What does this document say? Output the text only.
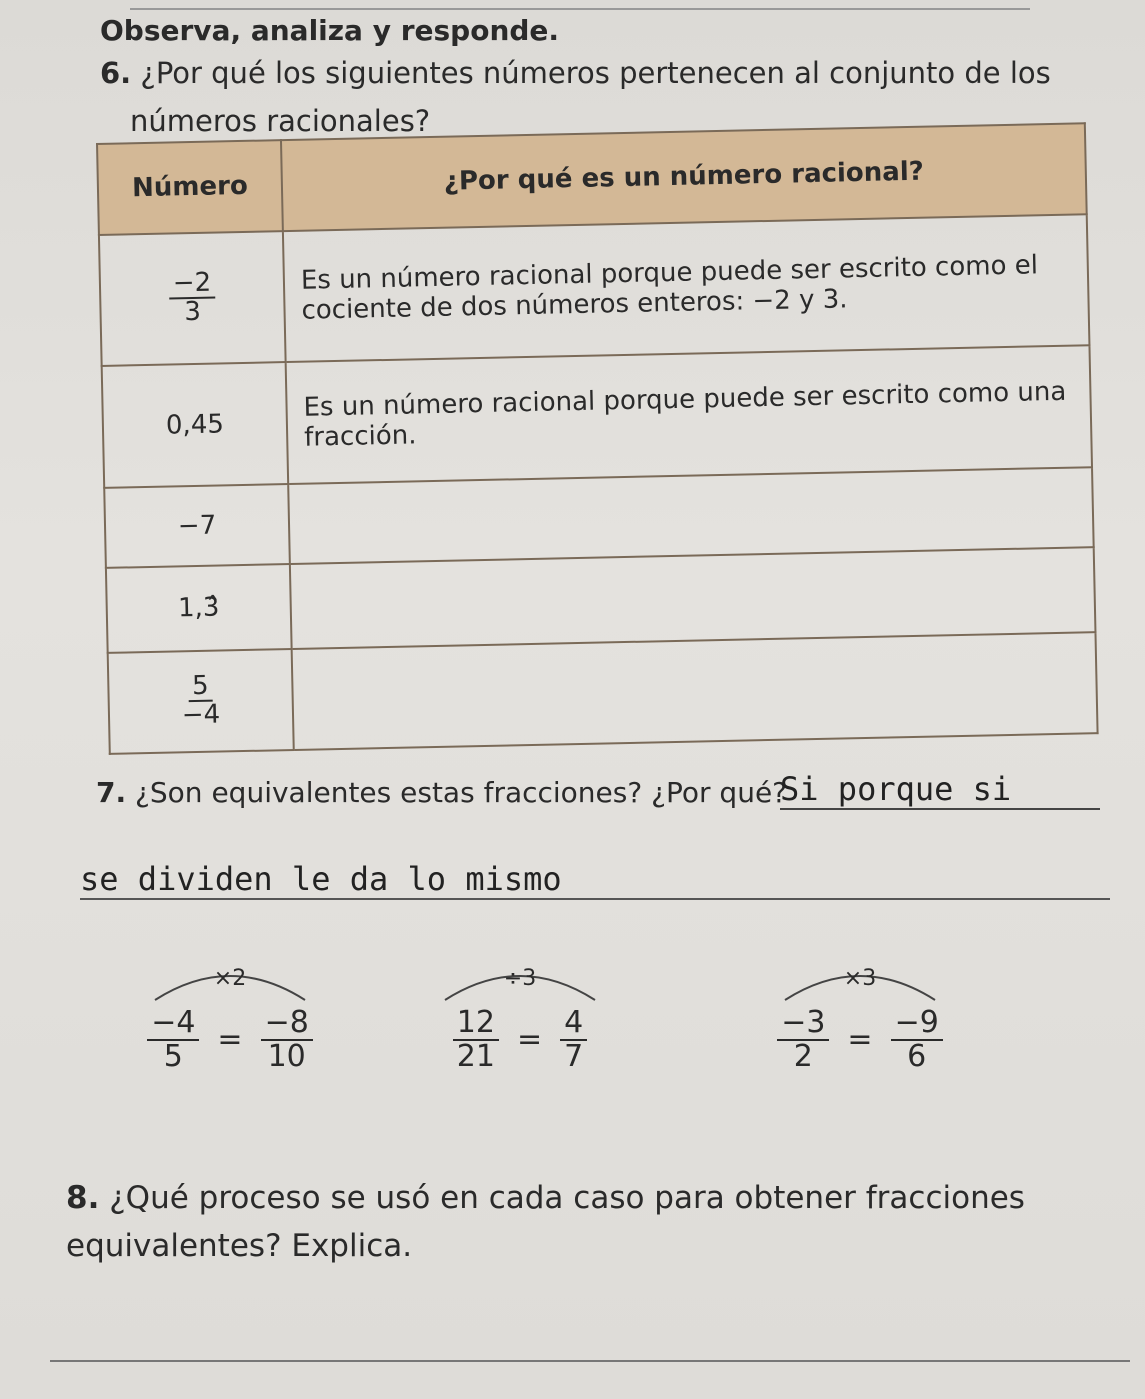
Observa, analiza y responde.
6. ¿Por qué los siguientes números pertenecen al conjunto de los
números racionales?
Número	¿Por qué es un número racional?

$\frac{-2}{3}$	Es un número racional porque puede ser escrito como el cociente de dos números enteros: −2 y 3.
0,45	Es un número racional porque puede ser escrito como una fracción.
−7	
1,3̂	

$\frac{5}{-4}$

7. ¿Son equivalentes estas fracciones? ¿Por qué?
Si porque si
se dividen le da lo mismo
×2
$\frac{-4}{5} = \frac{-8}{10}$
÷3
$\frac{12}{21} = \frac{4}{7}$
×3
$\frac{-3}{2} = \frac{-9}{6}$
8. ¿Qué proceso se usó en cada caso para obtener fracciones
equivalentes? Explica.
